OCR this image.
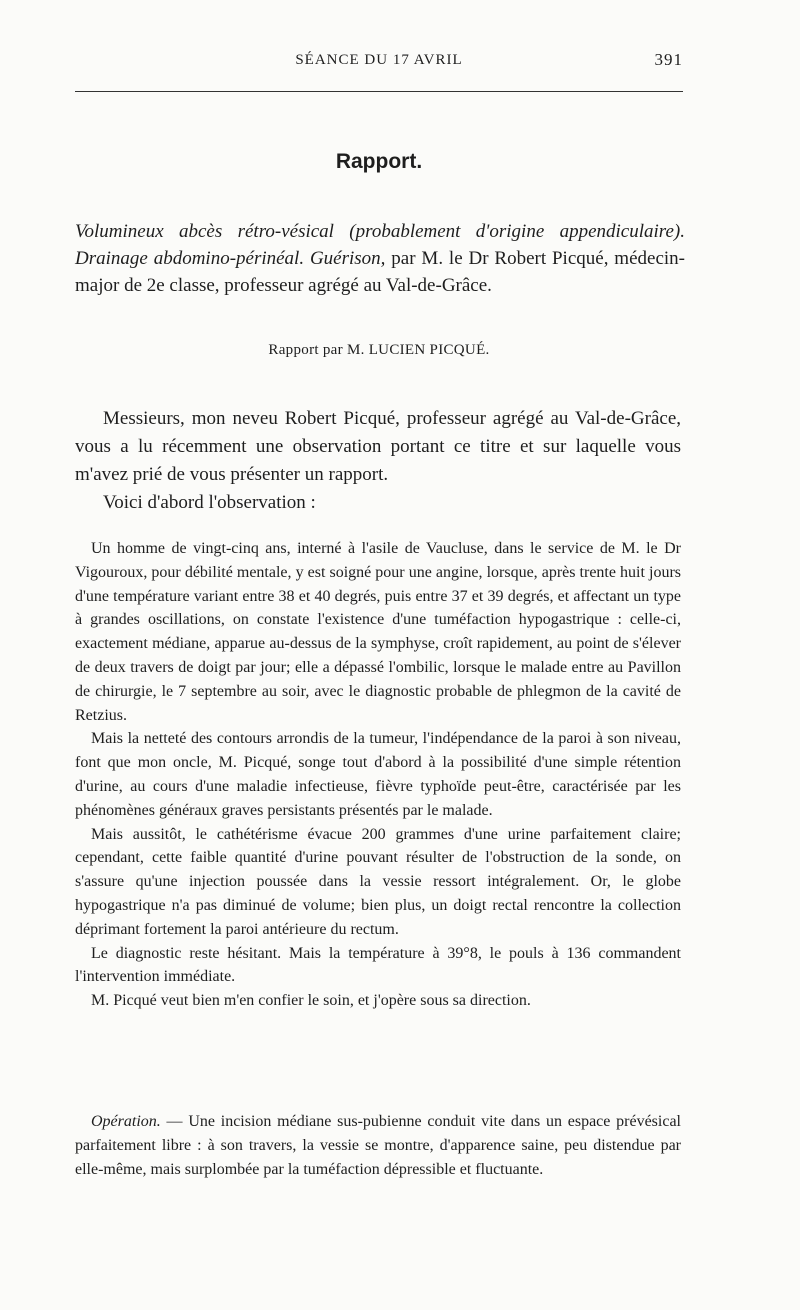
SÉANCE DU 17 AVRIL	391
Rapport.
Volumineux abcès rétro-vésical (probablement d'origine appendiculaire). Drainage abdomino-périnéal. Guérison, par M. le Dr Robert Picqué, médecin-major de 2e classe, professeur agrégé au Val-de-Grâce.
Rapport par M. LUCIEN PICQUÉ.

Messieurs, mon neveu Robert Picqué, professeur agrégé au Val-de-Grâce, vous a lu récemment une observation portant ce titre et sur laquelle vous m'avez prié de vous présenter un rapport.

Voici d'abord l'observation :

Un homme de vingt-cinq ans, interné à l'asile de Vaucluse, dans le service de M. le Dr Vigouroux, pour débilité mentale, y est soigné pour une angine, lorsque, après trente huit jours d'une température variant entre 38 et 40 degrés, puis entre 37 et 39 degrés, et affectant un type à grandes oscillations, on constate l'existence d'une tuméfaction hypogastrique : celle-ci, exactement médiane, apparue au-dessus de la symphyse, croît rapidement, au point de s'élever de deux travers de doigt par jour; elle a dépassé l'ombilic, lorsque le malade entre au Pavillon de chirurgie, le 7 septembre au soir, avec le diagnostic probable de phlegmon de la cavité de Retzius.

Mais la netteté des contours arrondis de la tumeur, l'indépendance de la paroi à son niveau, font que mon oncle, M. Picqué, songe tout d'abord à la possibilité d'une simple rétention d'urine, au cours d'une maladie infectieuse, fièvre typhoïde peut-être, caractérisée par les phénomènes généraux graves persistants présentés par le malade.

Mais aussitôt, le cathétérisme évacue 200 grammes d'une urine parfaitement claire; cependant, cette faible quantité d'urine pouvant résulter de l'obstruction de la sonde, on s'assure qu'une injection poussée dans la vessie ressort intégralement. Or, le globe hypogastrique n'a pas diminué de volume; bien plus, un doigt rectal rencontre la collection déprimant fortement la paroi antérieure du rectum.

Le diagnostic reste hésitant. Mais la température à 39°8, le pouls à 136 commandent l'intervention immédiate.

M. Picqué veut bien m'en confier le soin, et j'opère sous sa direction.

Opération. — Une incision médiane sus-pubienne conduit vite dans un espace prévésical parfaitement libre : à son travers, la vessie se montre, d'apparence saine, peu distendue par elle-même, mais surplombée par la tuméfaction dépressible et fluctuante.
